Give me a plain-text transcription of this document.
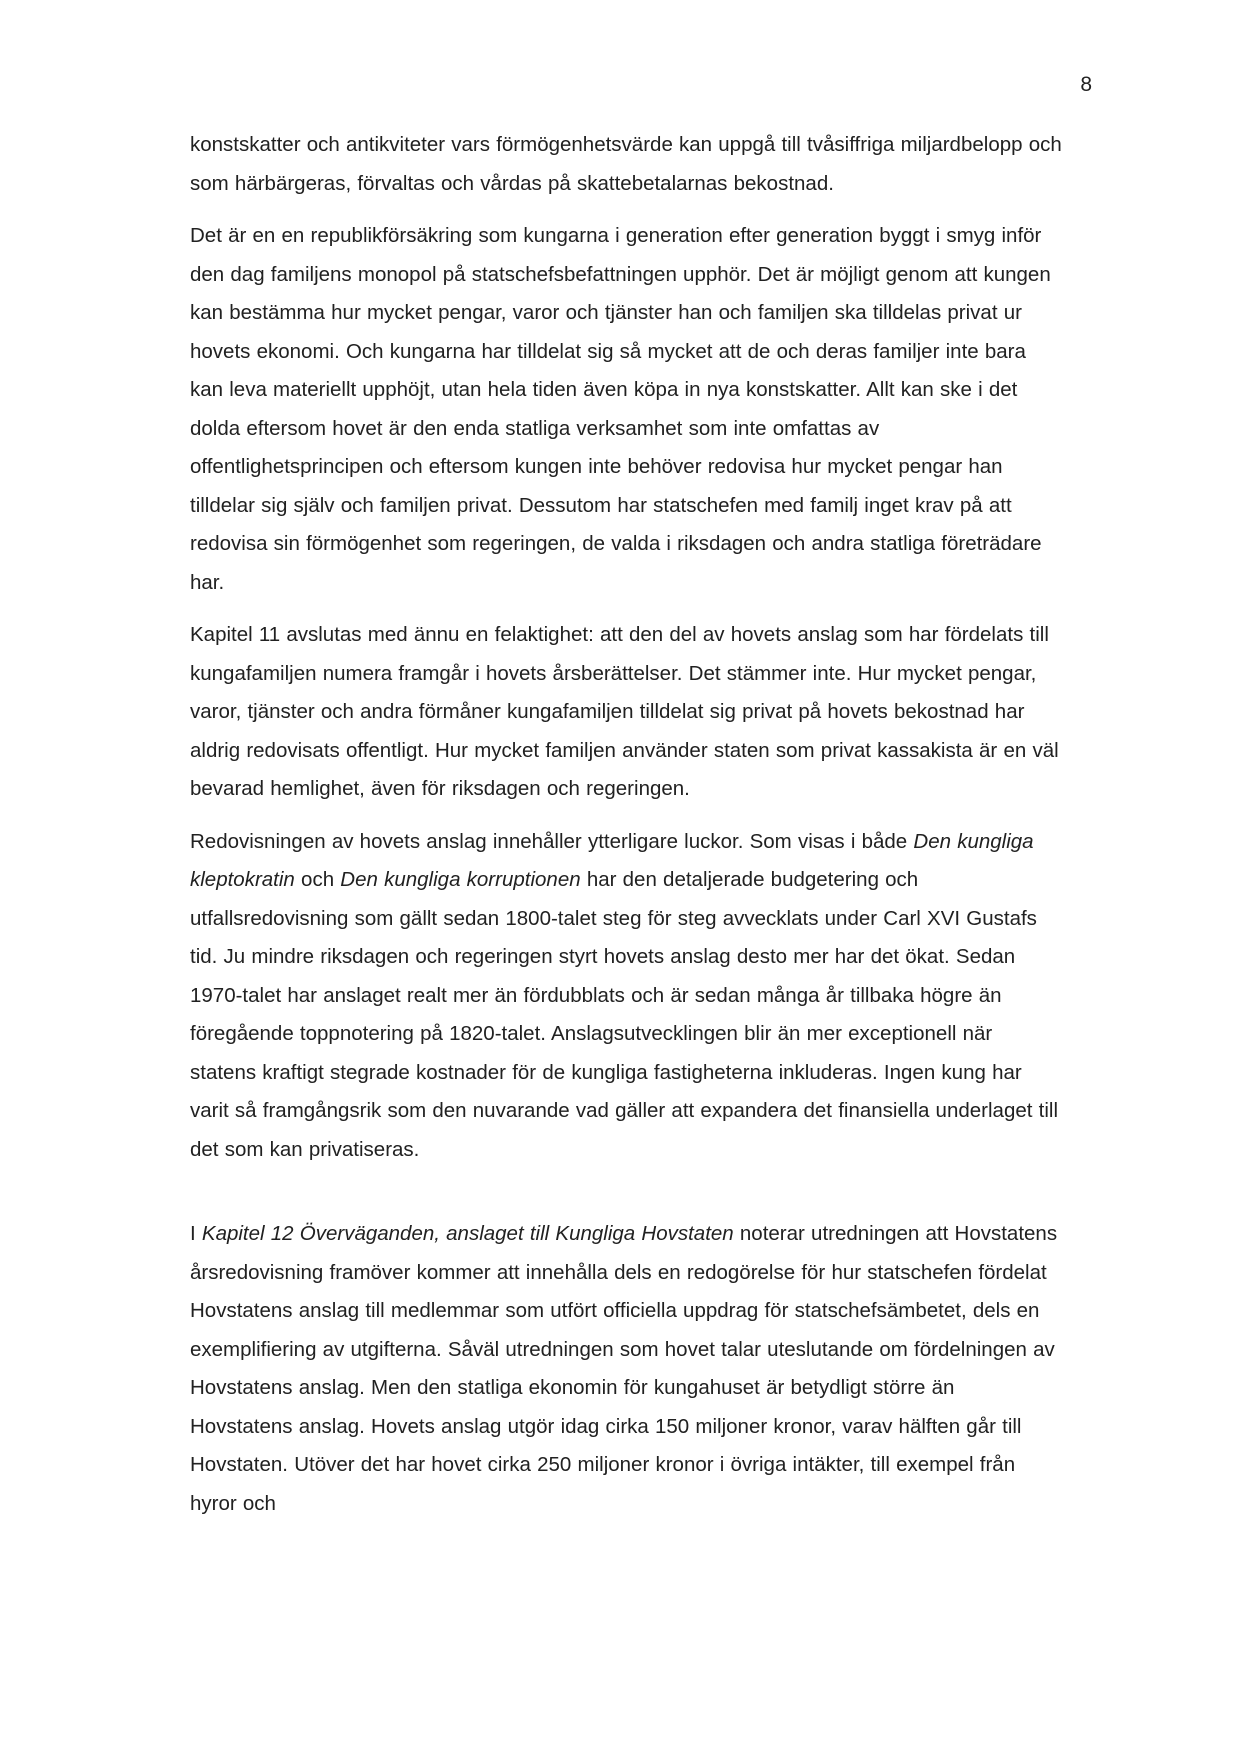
8

konstskatter och antikviteter vars förmögenhetsvärde kan uppgå till tvåsiffriga miljardbelopp och som härbärgeras, förvaltas och vårdas på skattebetalarnas bekostnad.

Det är en en republikförsäkring som kungarna i generation efter generation byggt i smyg inför den dag familjens monopol på statschefsbefattningen upphör. Det är möjligt genom att kungen kan bestämma hur mycket pengar, varor och tjänster han och familjen ska tilldelas privat ur hovets ekonomi. Och kungarna har tilldelat sig så mycket att de och deras familjer inte bara kan leva materiellt upphöjt, utan hela tiden även köpa in nya konstskatter. Allt kan ske i det dolda eftersom hovet är den enda statliga verksamhet som inte omfattas av offentlighetsprincipen och eftersom kungen inte behöver redovisa hur mycket pengar han tilldelar sig själv och familjen privat. Dessutom har statschefen med familj inget krav på att redovisa sin förmögenhet som regeringen, de valda i riksdagen och andra statliga företrädare har.

Kapitel 11 avslutas med ännu en felaktighet: att den del av hovets anslag som har fördelats till kungafamiljen numera framgår i hovets årsberättelser. Det stämmer inte. Hur mycket pengar, varor, tjänster och andra förmåner kungafamiljen tilldelat sig privat på hovets bekostnad har aldrig redovisats offentligt. Hur mycket familjen använder staten som privat kassakista är en väl bevarad hemlighet, även för riksdagen och regeringen.

Redovisningen av hovets anslag innehåller ytterligare luckor. Som visas i både Den kungliga kleptokratin och Den kungliga korruptionen har den detaljerade budgetering och utfallsredovisning som gällt sedan 1800-talet steg för steg avvecklats under Carl XVI Gustafs tid. Ju mindre riksdagen och regeringen styrt hovets anslag desto mer har det ökat. Sedan 1970-talet har anslaget realt mer än fördubblats och är sedan många år tillbaka högre än föregående toppnotering på 1820-talet. Anslagsutvecklingen blir än mer exceptionell när statens kraftigt stegrade kostnader för de kungliga fastigheterna inkluderas. Ingen kung har varit så framgångsrik som den nuvarande vad gäller att expandera det finansiella underlaget till det som kan privatiseras.

I Kapitel 12 Överväganden, anslaget till Kungliga Hovstaten noterar utredningen att Hovstatens årsredovisning framöver kommer att innehålla dels en redogörelse för hur statschefen fördelat Hovstatens anslag till medlemmar som utfört officiella uppdrag för statschefsämbetet, dels en exemplifiering av utgifterna. Såväl utredningen som hovet talar uteslutande om fördelningen av Hovstatens anslag. Men den statliga ekonomin för kungahuset är betydligt större än Hovstatens anslag. Hovets anslag utgör idag cirka 150 miljoner kronor, varav hälften går till Hovstaten. Utöver det har hovet cirka 250 miljoner kronor i övriga intäkter, till exempel från hyror och
